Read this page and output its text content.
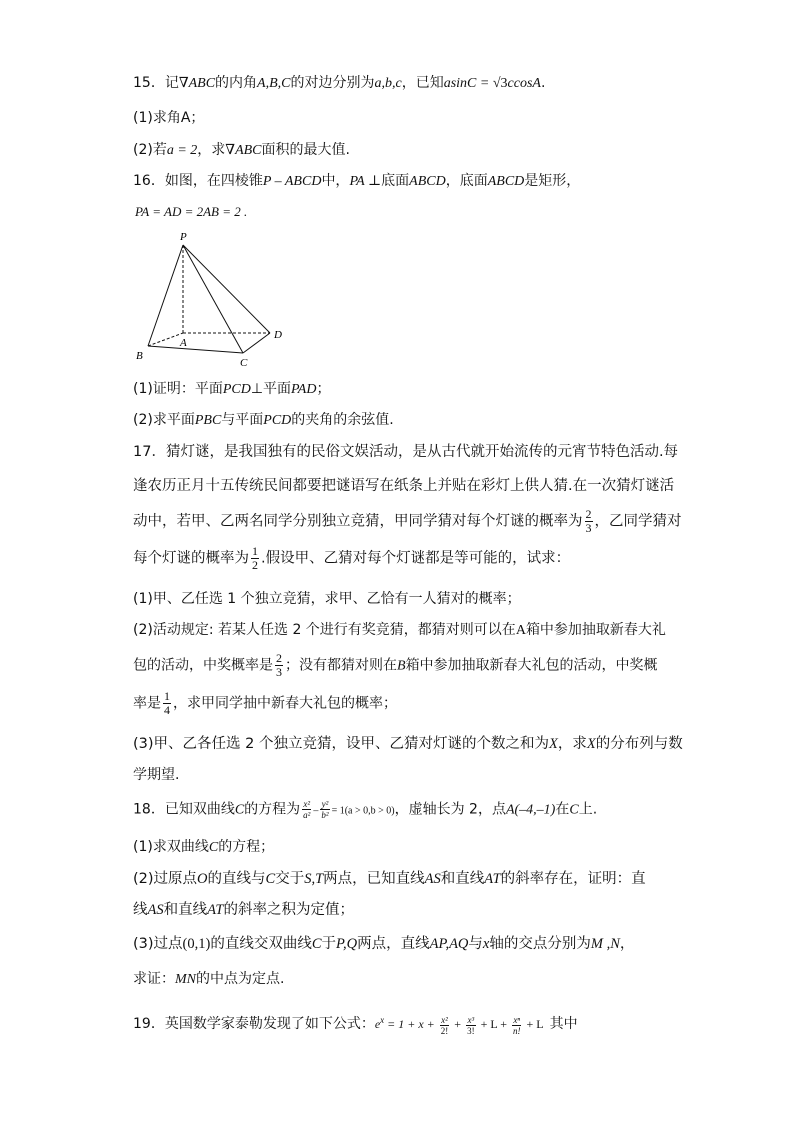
15．记∇ABC的内角A,B,C的对边分别为a,b,c，已知asinC = √3ccosA.
(1)求角A；
(2)若a = 2，求∇ABC面积的最大值.
16．如图，在四棱锥P – ABCD中，PA ⊥底面ABCD，底面ABCD是矩形，
PA = AD = 2AB = 2 .
P
A
B
C
D
(1)证明：平面PCD⊥平面PAD；
(2)求平面PBC与平面PCD的夹角的余弦值.
17．猜灯谜，是我国独有的民俗文娱活动，是从古代就开始流传的元宵节特色活动.每
逢农历正月十五传统民间都要把谜语写在纸条上并贴在彩灯上供人猜.在一次猜灯谜活
动中，若甲、乙两名同学分别独立竞猜，甲同学猜对每个灯谜的概率为 $\frac{2}{3}$ ，乙同学猜对
每个灯谜的概率为 $\frac{1}{2}$ .假设甲、乙猜对每个灯谜都是等可能的，试求：
(1)甲、乙任选 1 个独立竞猜，求甲、乙恰有一人猜对的概率；
(2)活动规定: 若某人任选 2 个进行有奖竞猜，都猜对则可以在A箱中参加抽取新春大礼
包的活动，中奖概率是 $\frac{2}{3}$ ；没有都猜对则在B箱中参加抽取新春大礼包的活动，中奖概
率是 $\frac{1}{4}$ ，求甲同学抽中新春大礼包的概率；
(3)甲、乙各任选 2 个独立竞猜，设甲、乙猜对灯谜的个数之和为X，求X的分布列与数
学期望.
18．已知双曲线C的方程为 $\frac{\text{x²}}{\text{a²}} - \frac{\text{y²}}{\text{b²}} = 1(a > 0,b > 0)$，虚轴长为 2，点A(–4,–1)在C上.
(1)求双曲线C的方程；
(2)过原点O的直线与C交于S,T两点，已知直线AS和直线AT的斜率存在，证明：直
线AS和直线AT的斜率之积为定值；
(3)过点(0,1)的直线交双曲线C于P,Q两点，直线AP,AQ与x轴的交点分别为M ,N，
求证：MN的中点为定点.
19．英国数学家泰勒发现了如下公式：$e^x = 1 + x + \frac{\text{x²}}{2!} + \frac{\text{x³}}{3!} + L + \frac{\text{xⁿ}}{n!} + L$ 其中
